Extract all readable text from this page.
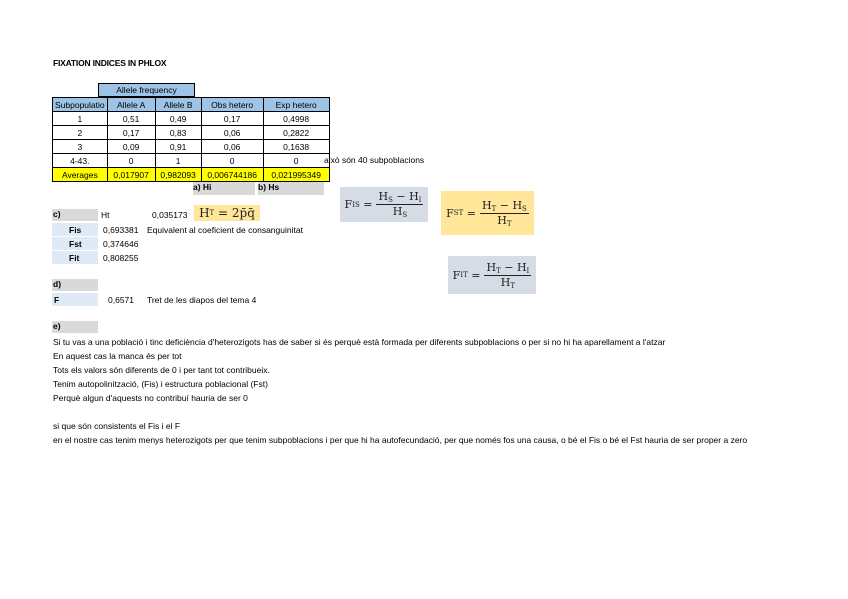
FIXATION INDICES IN PHLOX
Allele frequency
Subpopulatio	Allele A	Allele B	Obs hetero	Exp hetero
1	0,51	0,49	0,17	0,4998
2	0,17	0,83	0,06	0,2822
3	0,09	0,91	0,06	0,1638
4-43.	0	1	0	0
Averages	0,017907	0,982093	0,006744186	0,021995349
això són 40 subpoblacions
a) Hi	b) Hs
c)	Ht	0,035173 H T
= 2p̄q̄
Fis	0,693381 Equivalent al coeficient de consanguinitat
Fst	0,374646
Fit	0,808255
d)
F	0,6571 Tret de les diapos del tema 4
e)
Si tu vas a una població i tinc deficiència d'heterozigots has de saber si és perquè està formada per diferents subpoblacions o per si no hi ha aparellament a l'atzar
En aquest cas la manca és per tot
Tots els valors són diferents de 0 i per tant tot contribueix.
Tenim autopolinització, (Fis) i estructura poblacional (Fst)
Perquè algun d'aquests no contribuí hauria de ser 0
si que són consistents el Fis i el F
en el nostre cas tenim menys heterozigots per que tenim subpoblacions i per que hi ha autofecundació, per que només fos una causa, o bé el Fis o bé el Fst hauria de ser proper a zero
F IS = $\frac{H_S - H_I}{H_S}$ F ST = $\frac{H_T - H_S}{H_T}$
F IT = $\frac{H_T - H_I}{H_T}$
